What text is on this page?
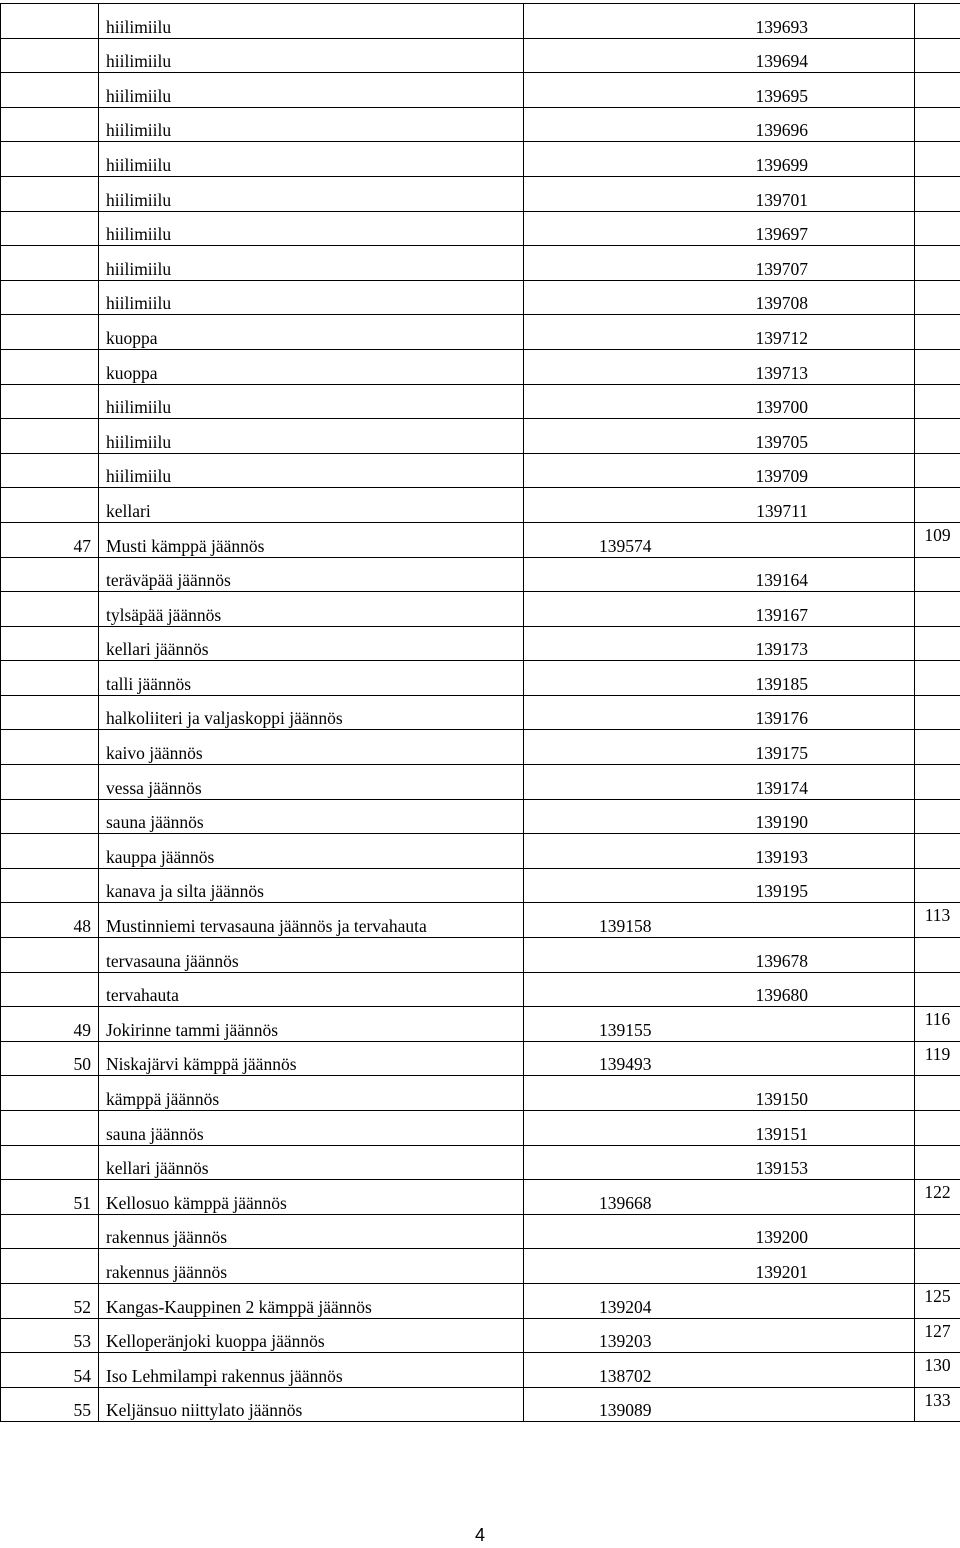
	hiilimiilu		139693	
	hiilimiilu		139694	
	hiilimiilu		139695	
	hiilimiilu		139696	
	hiilimiilu		139699	
	hiilimiilu		139701	
	hiilimiilu		139697	
	hiilimiilu		139707	
	hiilimiilu		139708	
	kuoppa		139712	
	kuoppa		139713	
	hiilimiilu		139700	
	hiilimiilu		139705	
	hiilimiilu		139709	
	kellari		139711	
47	Musti kämppä jäännös	139574		109
	teräväpää jäännös		139164	
	tylsäpää jäännös		139167	
	kellari jäännös		139173	
	talli jäännös		139185	
	halkoliiteri ja valjaskoppi jäännös		139176	
	kaivo jäännös		139175	
	vessa jäännös		139174	
	sauna jäännös		139190	
	kauppa jäännös		139193	
	kanava ja silta jäännös		139195	
48	Mustinniemi tervasauna jäännös ja tervahauta	139158		113
	tervasauna jäännös		139678	
	tervahauta		139680	
49	Jokirinne tammi jäännös	139155		116
50	Niskajärvi kämppä jäännös	139493		119
	kämppä jäännös		139150	
	sauna jäännös		139151	
	kellari jäännös		139153	
51	Kellosuo kämppä jäännös	139668		122
	rakennus jäännös		139200	
	rakennus jäännös		139201	
52	Kangas-Kauppinen 2 kämppä jäännös	139204		125
53	Kelloperänjoki kuoppa jäännös	139203		127
54	Iso Lehmilampi rakennus jäännös	138702		130
55	Keljänsuo niittylato jäännös	139089		133
4
